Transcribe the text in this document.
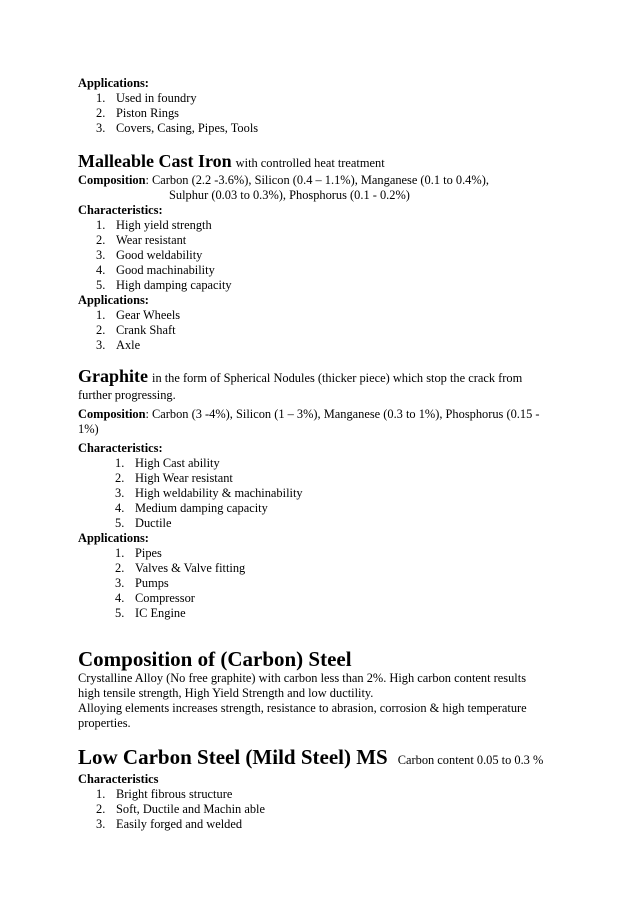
Applications:

1. Used in foundry
2. Piston Rings
3. Covers, Casing, Pipes, Tools
Malleable Cast Iron with controlled heat treatment

Composition: Carbon (2.2 -3.6%), Silicon (0.4 – 1.1%), Manganese (0.1 to 0.4%),

Sulphur (0.03 to 0.3%), Phosphorus (0.1 - 0.2%)

Characteristics:

1. High yield strength
2. Wear resistant
3. Good weldability
4. Good machinability
5. High damping capacity

Applications:

1. Gear Wheels
2. Crank Shaft
3. Axle
Graphite in the form of Spherical Nodules (thicker piece) which stop the crack from

further progressing.

Composition: Carbon (3 -4%), Silicon (1 – 3%), Manganese (0.3 to 1%), Phosphorus (0.15 -

1%)

Characteristics:

1. High Cast ability
2. High Wear resistant
3. High weldability & machinability
4. Medium damping capacity
5. Ductile

Applications:

1. Pipes
2. Valves & Valve fitting
3. Pumps
4. Compressor
5. IC Engine
Composition of (Carbon) Steel

Crystalline Alloy (No free graphite) with carbon less than 2%. High carbon content results

high tensile strength, High Yield Strength and low ductility.

Alloying elements increases strength, resistance to abrasion, corrosion & high temperature

properties.

Low Carbon Steel (Mild Steel) MS Carbon content 0.05 to 0.3 %

Characteristics

1. Bright fibrous structure
2. Soft, Ductile and Machin able
3. Easily forged and welded
